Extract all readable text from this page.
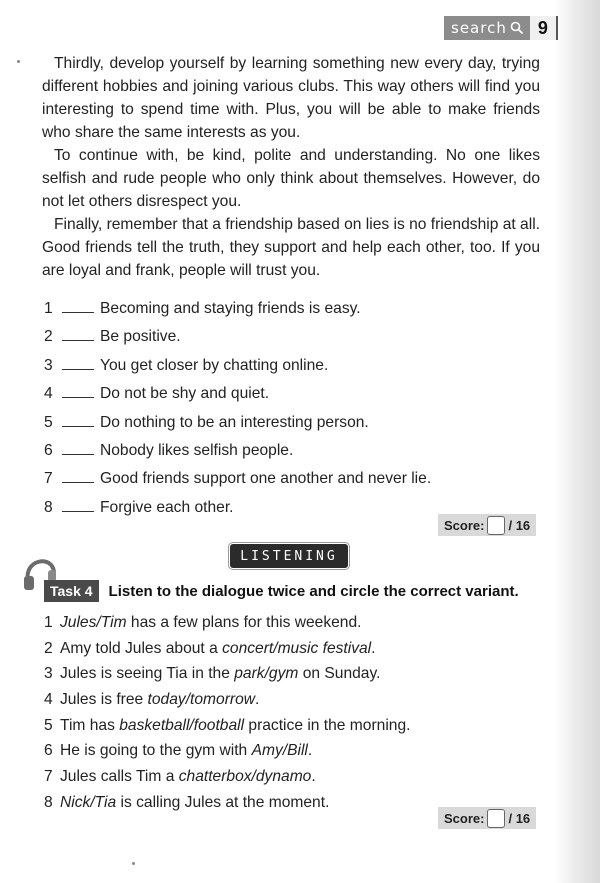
search	9

Thirdly, develop yourself by learning something new every day, trying different hobbies and joining various clubs. This way others will find you interesting to spend time with. Plus, you will be able to make friends who share the same interests as you.

To continue with, be kind, polite and understanding. No one likes selfish and rude people who only think about themselves. However, do not let others disrespect you.

Finally, remember that a friendship based on lies is no friendship at all. Good friends tell the truth, they support and help each other, too. If you are loyal and frank, people will trust you.

1	Becoming and staying friends is easy.
2	Be positive.
3	You get closer by chatting online.
4	Do not be shy and quiet.
5	Do nothing to be an interesting person.
6	Nobody likes selfish people.
7	Good friends support one another and never lie.
8	Forgive each other.
Score: / 16
LISTENING
Task 4	Listen to the dialogue twice and circle the correct variant.
1 Jules/Tim has a few plans for this weekend.
2 Amy told Jules about a concert/music festival.
3 Jules is seeing Tia in the park/gym on Sunday.
4 Jules is free today/tomorrow.
5 Tim has basketball/football practice in the morning.
6 He is going to the gym with Amy/Bill.
7 Jules calls Tim a chatterbox/dynamo.
8 Nick/Tia is calling Jules at the moment.
Score: / 16
